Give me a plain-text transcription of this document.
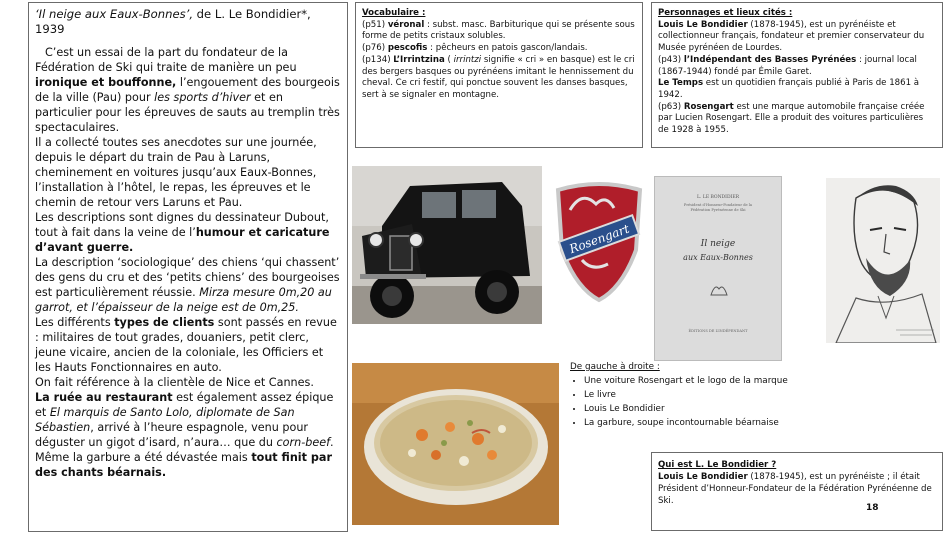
‘Il neige aux Eaux-Bonnes’, de L. Le Bondidier*, 1939

C’est un essai de la part du fondateur de la Fédération de Ski qui traite de manière un peu ironique et bouffonne, l’engouement des bourgeois de la ville (Pau) pour les sports d’hiver et en particulier pour les épreuves de sauts au tremplin très spectaculaires.

Il a collecté toutes ses anecdotes sur une journée, depuis le départ du train de Pau à Laruns, cheminement en voitures jusqu’aux Eaux-Bonnes, l’installation à l’hôtel, le repas, les épreuves et le chemin de retour vers Laruns et Pau.

Les descriptions sont dignes du dessinateur Dubout, tout à fait dans la veine de l’humour et caricature d’avant guerre.

La description ‘sociologique’ des chiens ‘qui chassent’ des gens du cru et des ‘petits chiens’ des bourgeoises est particulièrement réussie. Mirza mesure 0m,20 au garrot, et l’épaisseur de la neige est de 0m,25.

Les différents types de clients sont passés en revue : militaires de tout grades, douaniers, petit clerc, jeune vicaire, ancien de la coloniale, les Officiers et les Hauts Fonctionnaires en auto.

On fait référence à la clientèle de Nice et Cannes.

La ruée au restaurant est également assez épique et El marquis de Santo Lolo, diplomate de San Sébastien, arrivé à l’heure espagnole, venu pour déguster un gigot d’isard, n’aura… que du corn-beef.

Même la garbure a été dévastée mais tout finit par des chants béarnais.

Vocabulaire :
(p51) véronal : subst. masc. Barbiturique qui se présente sous forme de petits cristaux solubles.
(p76) pescofis : pêcheurs en patois gascon/landais.
(p134) L’Irrintzina ( irrintzi signifie « cri » en basque) est le cri des bergers basques ou pyrénéens imitant le hennissement du cheval. Ce cri festif, qui ponctue souvent les danses basques, sert à se signaler en montagne.
Personnages et lieux cités :
Louis Le Bondidier (1878-1945), est un pyrénéiste et collectionneur français, fondateur et premier conservateur du Musée pyrénéen de Lourdes.
(p43) l’Indépendant des Basses Pyrénées : journal local (1867-1944) fondé par Émile Garet.
Le Temps est un quotidien français publié à Paris de 1861 à 1942.
(p63) Rosengart est une marque automobile française créée par Lucien Rosengart. Elle a produit des voitures particulières de 1928 à 1955.
Rosengart
L. LE BONDIDIER
Président d’Honneur-Fondateur de la Fédération Pyrénéenne de Ski
Il neige
aux Eaux-Bonnes
ÉDITIONS DE L’INDÉPENDANT
De gauche à droite :
• Une voiture Rosengart et le logo de la marque
• Le livre
• Louis Le Bondidier
• La garbure, soupe incontournable béarnaise
Qui est L. Le Bondidier ?
Louis Le Bondidier (1878-1945), est un pyrénéiste ; il était Président d’Honneur-Fondateur de la Fédération Pyrénéenne de Ski.
18
